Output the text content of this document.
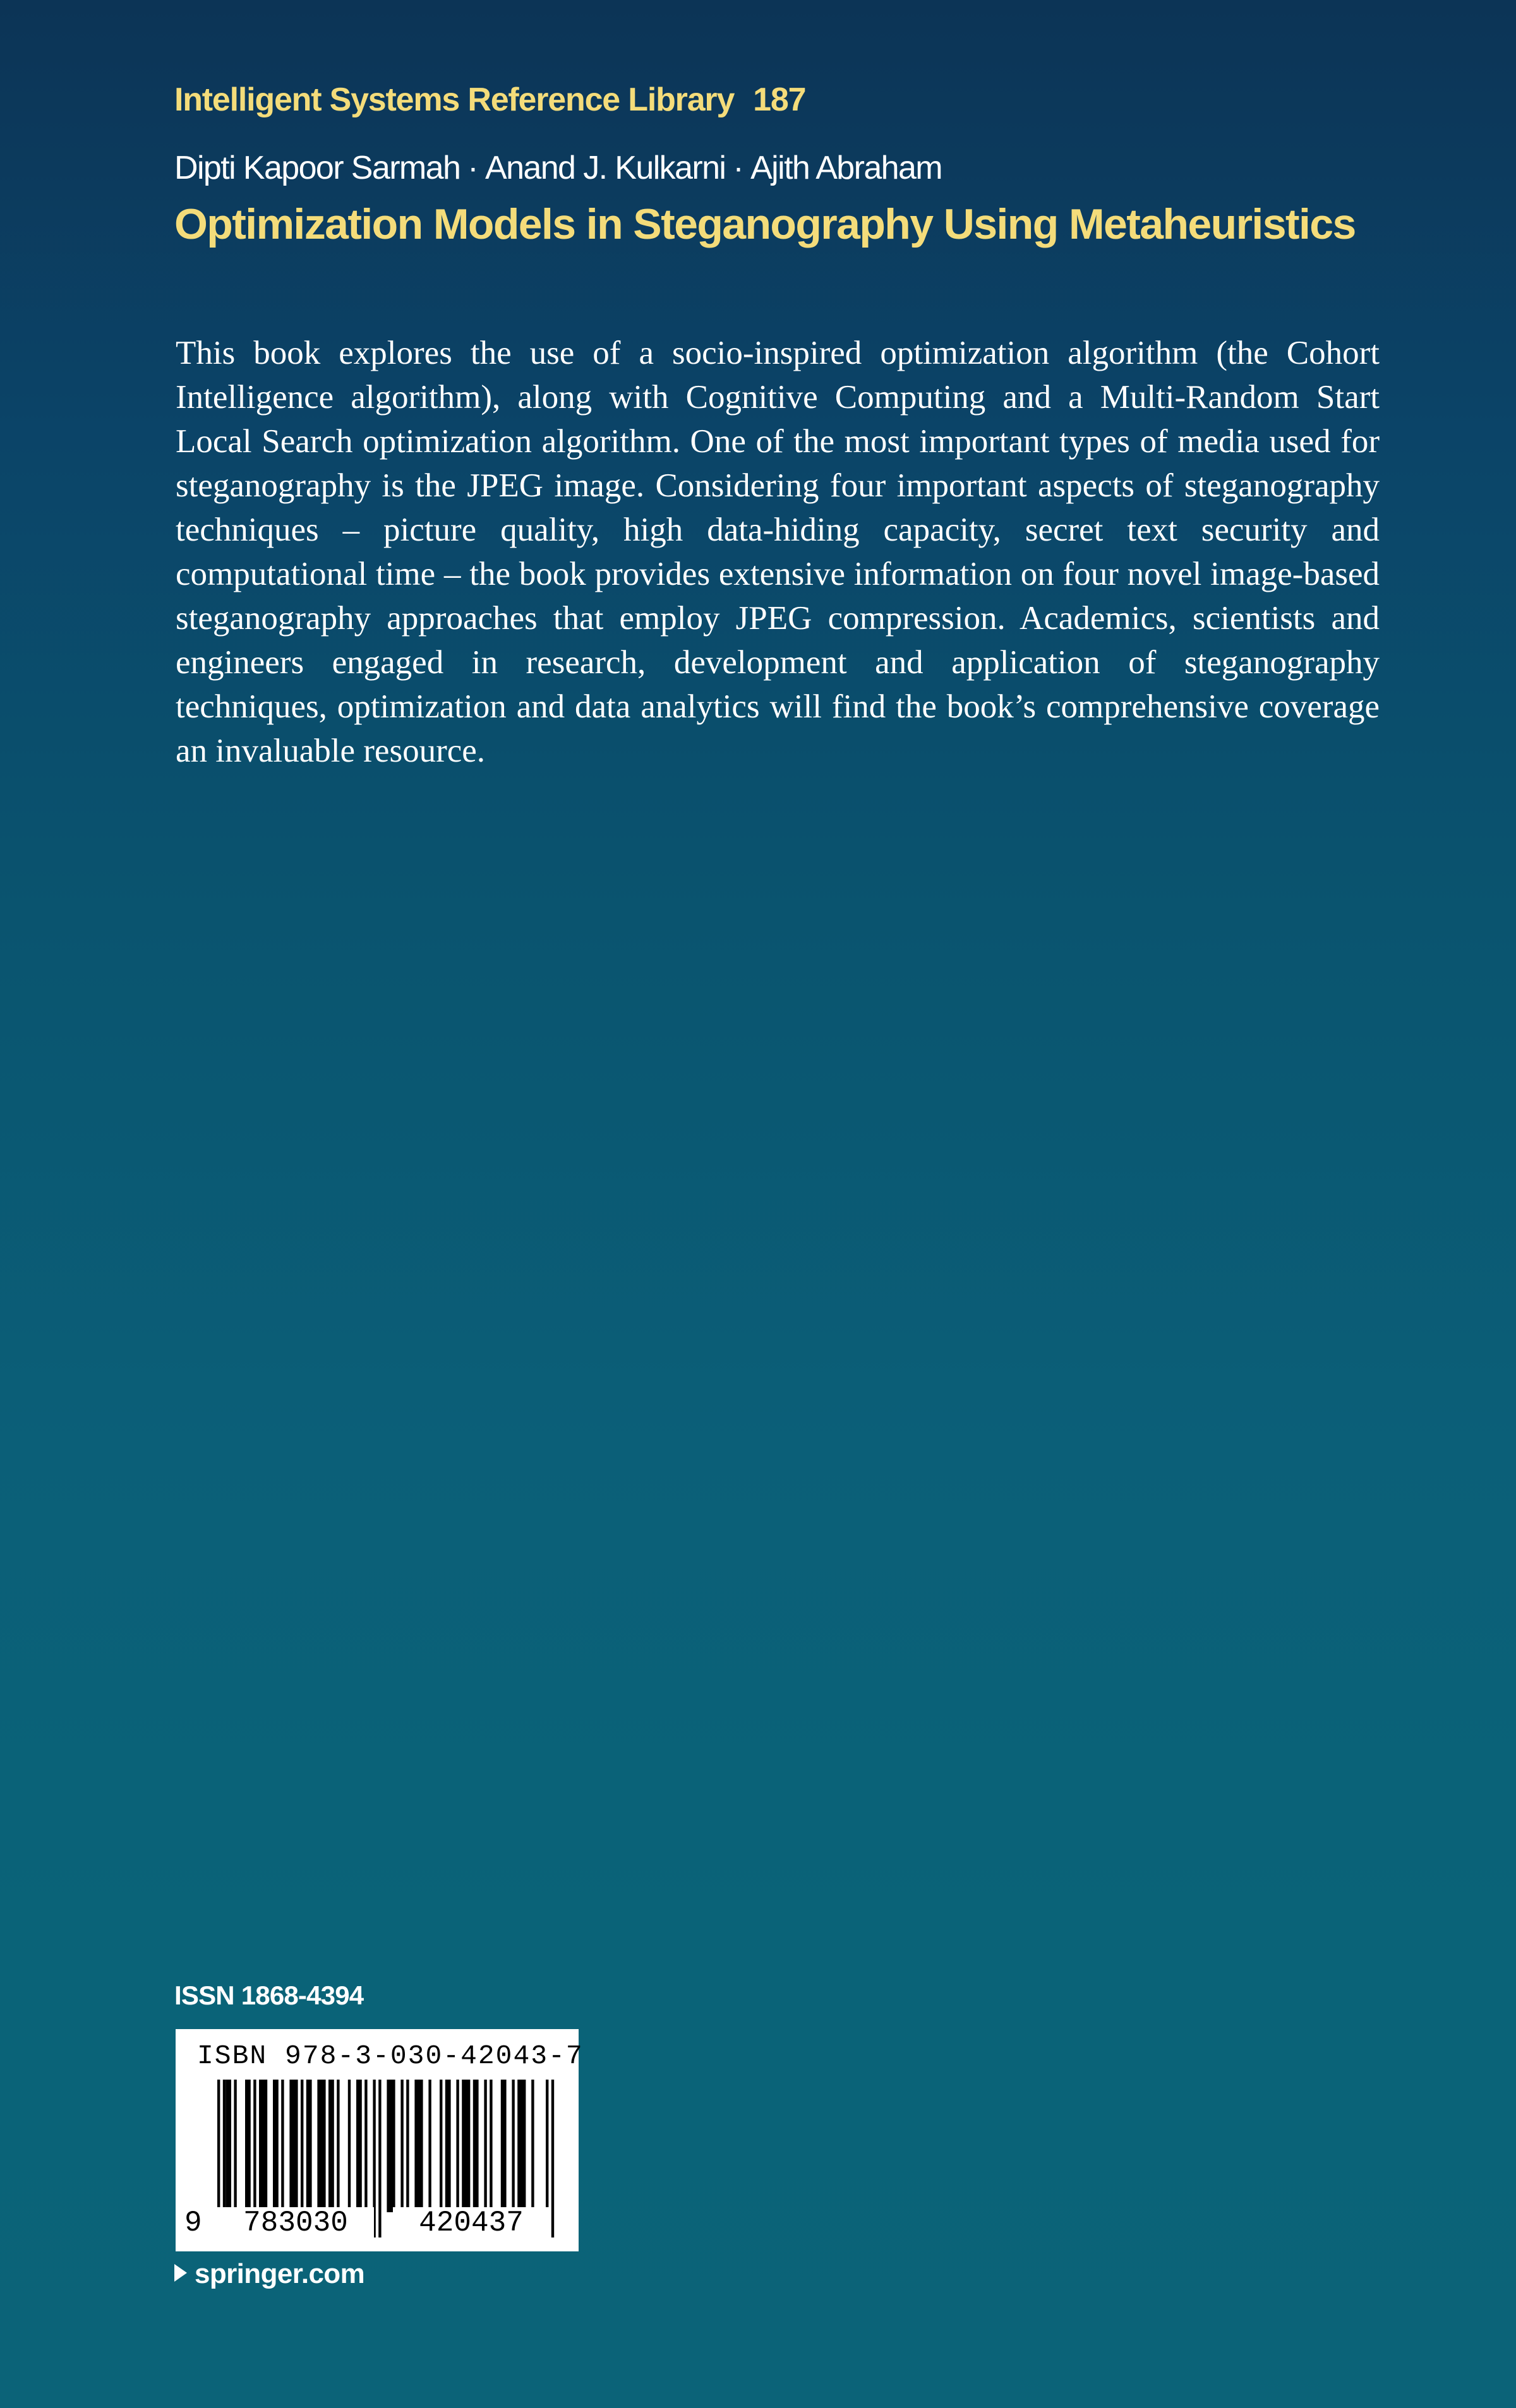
Intelligent Systems Reference Library 187
Dipti Kapoor Sarmah · Anand J. Kulkarni · Ajith Abraham
Optimization Models in Steganography Using Metaheuristics

This book explores the use of a socio-inspired optimization algorithm (the Cohort Intelligence algorithm), along with Cognitive Computing and a Multi-Random Start Local Search optimization algorithm. One of the most important types of media used for steganography is the JPEG image. Considering four important aspects of steganography techniques – picture quality, high data-hiding capacity, secret text security and computational time – the book provides extensive information on four novel image-based steganography approaches that employ JPEG compression. Academics, scientists and engineers engaged in research, development and application of steganography techniques, optimization and data analytics will find the book’s comprehensive coverage an invaluable resource.

ISSN 1868-4394
ISBN 978-3-030-42043-7
9	783030	420437
springer.com
